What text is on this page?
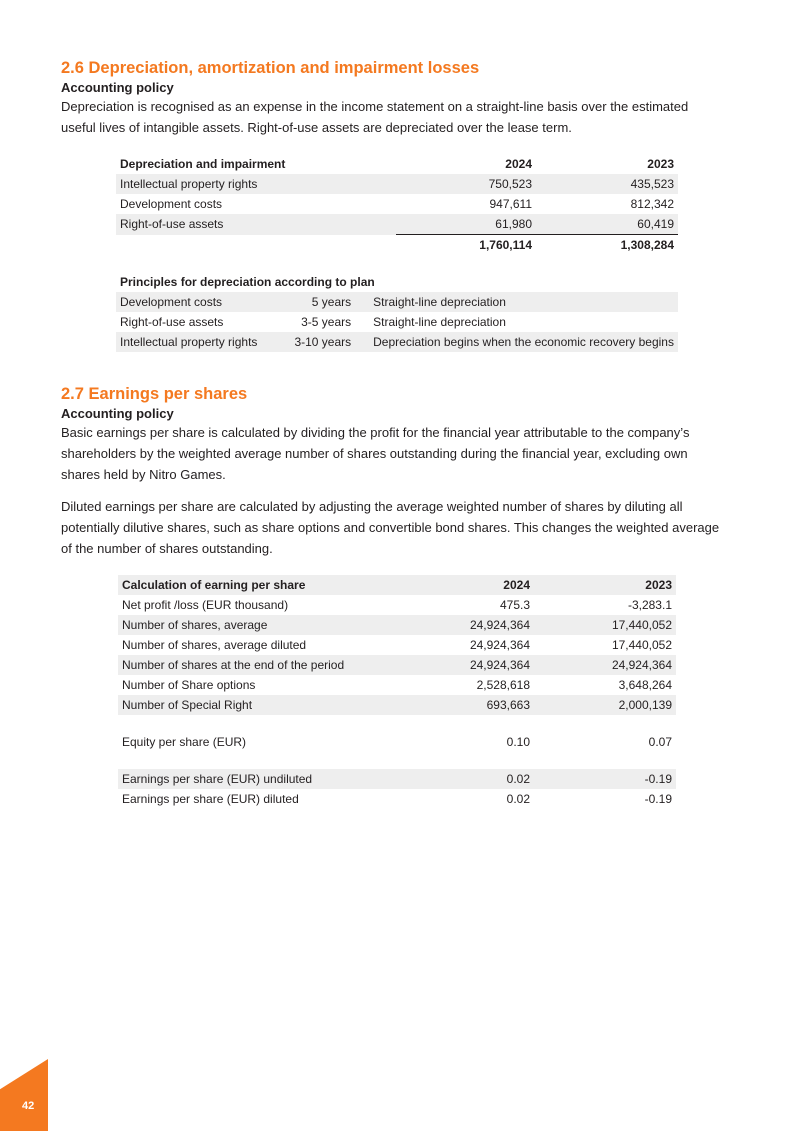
2.6 Depreciation, amortization and impairment losses
Accounting policy

Depreciation is recognised as an expense in the income statement on a straight-line basis over the estimated useful lives of intangible assets. Right-of-use assets are depreciated over the lease term.

Depreciation and impairment	2024	2023
Intellectual property rights	750,523	435,523
Development costs	947,611	812,342
Right-of-use assets	61,980	60,419
	1,760,114	1,308,284
Principles for depreciation according to plan		
Development costs	5 years	Straight-line depreciation
Right-of-use assets	3-5 years	Straight-line depreciation
Intellectual property rights	3-10 years	Depreciation begins when the economic recovery begins
2.7 Earnings per shares
Accounting policy

Basic earnings per share is calculated by dividing the profit for the financial year attributable to the company’s shareholders by the weighted average number of shares outstanding during the financial year, excluding own shares held by Nitro Games.

Diluted earnings per share are calculated by adjusting the average weighted number of shares by diluting all potentially dilutive shares, such as share options and convertible bond shares. This changes the weighted average of the number of shares outstanding.

Calculation of earning per share	2024	2023
Net profit /loss (EUR thousand)	475.3	-3,283.1
Number of shares, average	24,924,364	17,440,052
Number of shares, average diluted	24,924,364	17,440,052
Number of shares at the end of the period	24,924,364	24,924,364
Number of Share options	2,528,618	3,648,264
Number of Special Right	693,663	2,000,139

Equity per share (EUR)	0.10	0.07

Earnings per share (EUR) undiluted	0.02	-0.19
Earnings per share (EUR) diluted	0.02	-0.19
42
